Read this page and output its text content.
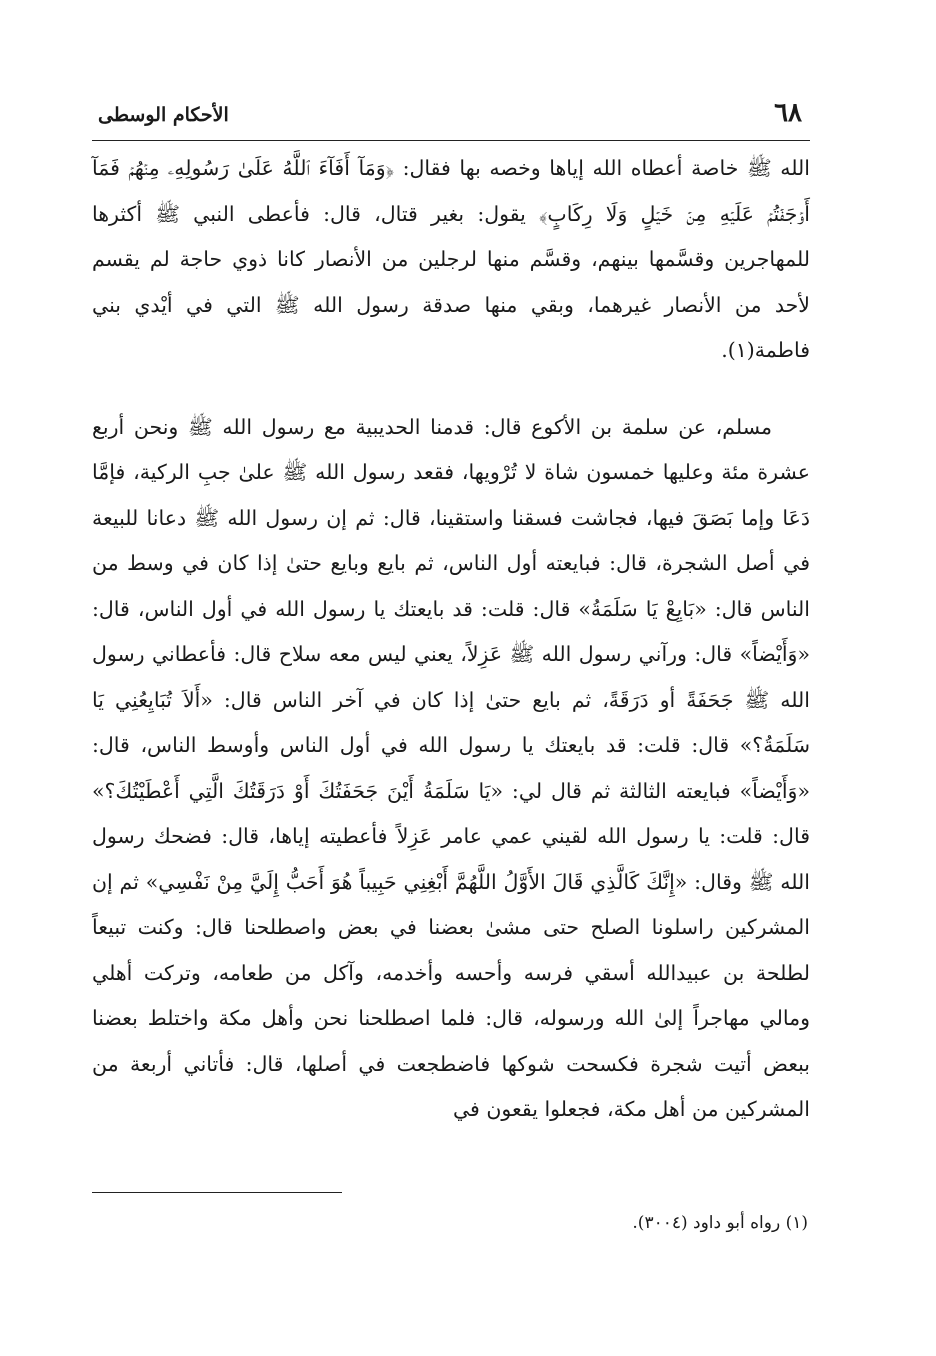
٦٨
الأحكام الوسطى

الله ﷺ خاصة أعطاه الله إياها وخصه بها فقال: ﴿وَمَآ أَفَآءَ ٱللَّهُ عَلَىٰ رَسُولِهِۦ مِنۡهُمۡ فَمَآ أَوۡجَفۡتُمۡ عَلَيۡهِ مِنۡ خَيۡلٍ وَلَا رِكَابٍ﴾ يقول: بغير قتال، قال: فأعطى النبي ﷺ أكثرها للمهاجرين وقسَّمها بينهم، وقسَّم منها لرجلين من الأنصار كانا ذوي حاجة لم يقسم لأحد من الأنصار غيرهما، وبقي منها صدقة رسول الله ﷺ التي في أيْدي بني فاطمة(١).

مسلم، عن سلمة بن الأكوع قال: قدمنا الحديبية مع رسول الله ﷺ ونحن أربع عشرة مئة وعليها خمسون شاة لا تُرْويها، فقعد رسول الله ﷺ علىٰ جبِ الركية، فإمَّا دَعَا وإما بَصَقَ فيها، فجاشت فسقنا واستقينا، قال: ثم إن رسول الله ﷺ دعانا للبيعة في أصل الشجرة، قال: فبايعته أول الناس، ثم بايع وبايع حتىٰ إذا كان في وسط من الناس قال: «بَايِعْ يَا سَلَمَةُ» قال: قلت: قد بايعتك يا رسول الله في أول الناس، قال: «وَأَيْضاً» قال: ورآني رسول الله ﷺ عَزِلاً، يعني ليس معه سلاح قال: فأعطاني رسول الله ﷺ جَحَفَةً أو دَرَقَةً، ثم بايع حتىٰ إذا كان في آخر الناس قال: «أَلاَ تُبَايِعُنِي يَا سَلَمَةُ؟» قال: قلت: قد بايعتك يا رسول الله في أول الناس وأوسط الناس، قال: «وَأَيْضاً» فبايعته الثالثة ثم قال لي: «يَا سَلَمَةُ أَيْنَ جَحَفَتُكَ أَوْ دَرَقَتُكَ الَّتِي أَعْطَيْتُكَ؟» قال: قلت: يا رسول الله لقيني عمي عامر عَزِلاً فأعطيته إياها، قال: فضحك رسول الله ﷺ وقال: «إِنَّكَ كَالَّذِي قَالَ الأَوَّلُ اللَّهُمَّ أَبْغِنِي حَبِيباً هُوَ أَحَبُّ إِلَيَّ مِنْ نَفْسِي» ثم إن المشركين راسلونا الصلح حتى مشىٰ بعضنا في بعض واصطلحنا قال: وكنت تبيعاً لطلحة بن عبيدالله أسقي فرسه وأحسه وأخدمه، وآكل من طعامه، وتركت أهلي ومالي مهاجراً إلىٰ الله ورسوله، قال: فلما اصطلحنا نحن وأهل مكة واختلط بعضنا ببعض أتيت شجرة فكسحت شوكها فاضطجعت في أصلها، قال: فأتاني أربعة من المشركين من أهل مكة، فجعلوا يقعون في

(١) رواه أبو داود (٣٠٠٤).
